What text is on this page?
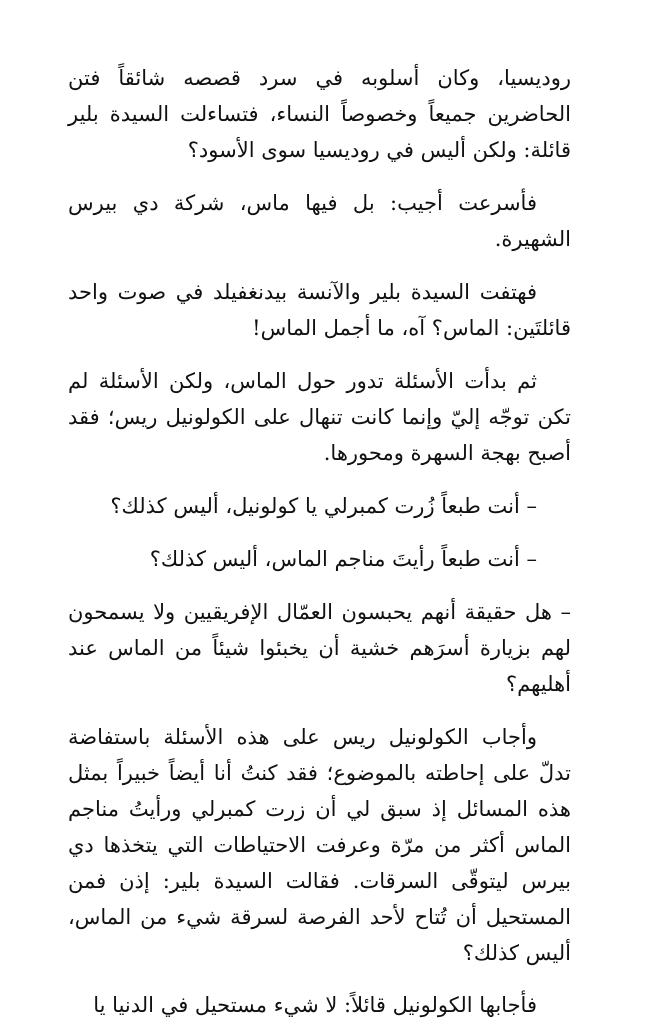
روديسيا، وكان أسلوبه في سرد قصصه شائقاً فتن الحاضرين جميعاً وخصوصاً النساء، فتساءلت السيدة بلير قائلة: ولكن أليس في روديسيا سوى الأسود؟

فأسرعت أجيب: بل فيها ماس، شركة دي بيرس الشهيرة.

فهتفت السيدة بلير والآنسة بيدنغفيلد في صوت واحد قائلتَين: الماس؟ آه، ما أجمل الماس!

ثم بدأت الأسئلة تدور حول الماس، ولكن الأسئلة لم تكن توجّه إليّ وإنما كانت تنهال على الكولونيل ريس؛ فقد أصبح بهجة السهرة ومحورها.

– أنت طبعاً زُرت كمبرلي يا كولونيل، أليس كذلك؟

– أنت طبعاً رأيتَ مناجم الماس، أليس كذلك؟

– هل حقيقة أنهم يحبسون العمّال الإفريقيين ولا يسمحون لهم بزيارة أسرَهم خشية أن يخبئوا شيئاً من الماس عند أهليهم؟

وأجاب الكولونيل ريس على هذه الأسئلة باستفاضة تدلّ على إحاطته بالموضوع؛ فقد كنتُ أنا أيضاً خبيراً بمثل هذه المسائل إذ سبق لي أن زرت كمبرلي ورأيتُ مناجم الماس أكثر من مرّة وعرفت الاحتياطات التي يتخذها دي بيرس ليتوقّى السرقات. فقالت السيدة بلير: إذن فمن المستحيل أن تُتاح لأحد الفرصة لسرقة شيء من الماس، أليس كذلك؟

فأجابها الكولونيل قائلاً: لا شيء مستحيل في الدنيا يا
